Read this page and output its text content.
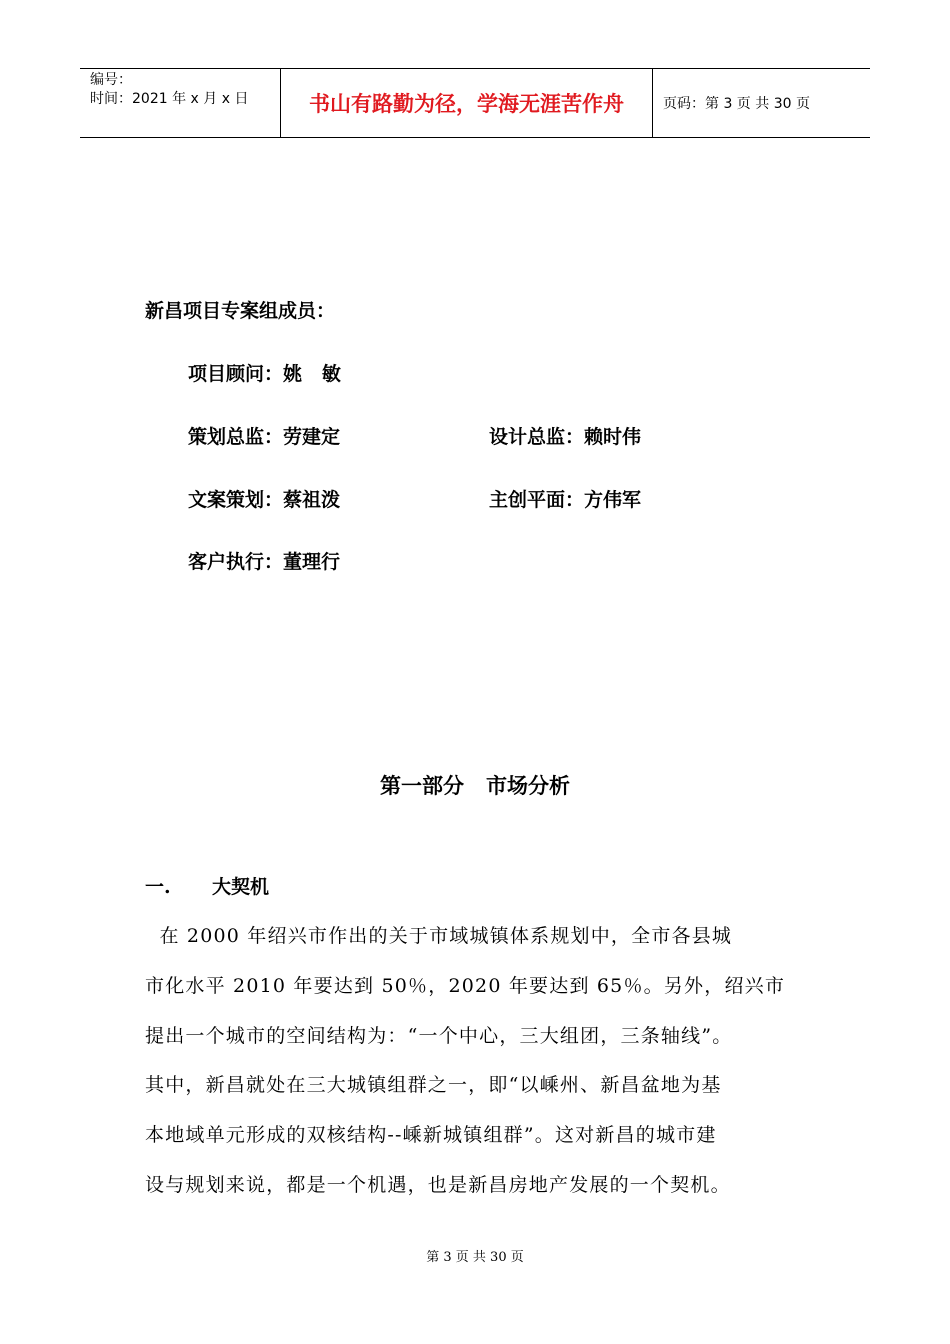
编号：
时间：2021 年 x 月 x 日	书山有路勤为径，学海无涯苦作舟	页码：第 3 页 共 30 页
新昌项目专案组成员：
项目顾问：姚   敏
策划总监：劳建定	设计总监：赖时伟
文案策划：蔡祖泼	主创平面：方伟军
客户执行：董理行
第一部分   市场分析
一. 大契机
在 2000 年绍兴市作出的关于市域城镇体系规划中，全市各县城
市化水平 2010 年要达到 50％，2020 年要达到 65％。另外，绍兴市
提出一个城市的空间结构为：“一个中心，三大组团，三条轴线”。
其中，新昌就处在三大城镇组群之一，即“以嵊州、新昌盆地为基
本地域单元形成的双核结构--嵊新城镇组群”。这对新昌的城市建
设与规划来说，都是一个机遇，也是新昌房地产发展的一个契机。
第 3 页 共 30 页
